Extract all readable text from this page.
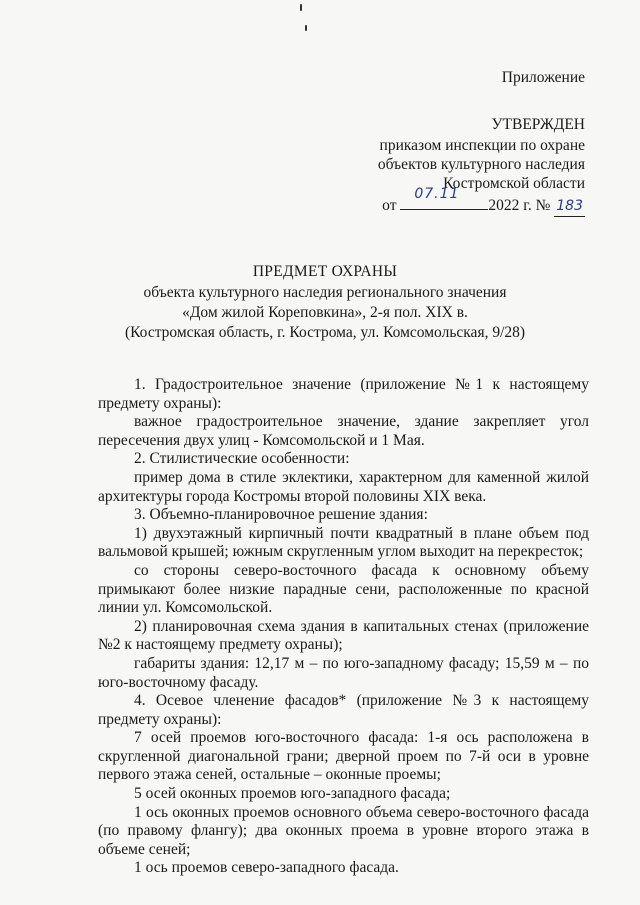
Приложение
УТВЕРЖДЕН
приказом инспекции по охране
объектов культурного наследия
Костромской области
от
07.11
2022 г. № 183
ПРЕДМЕТ ОХРАНЫ
объекта культурного наследия регионального значения
«Дом жилой Кореповкина», 2-я пол. XIX в.
(Костромская область, г. Кострома, ул. Комсомольская, 9/28)

1. Градостроительное значение (приложение №1 к настоящему предмету охраны):

важное градостроительное значение, здание закрепляет угол пересечения двух улиц - Комсомольской и 1 Мая.

2. Стилистические особенности:

пример дома в стиле эклектики, характерном для каменной жилой архитектуры города Костромы второй половины XIX века.

3. Объемно-планировочное решение здания:

1) двухэтажный кирпичный почти квадратный в плане объем под вальмовой крышей; южным скругленным углом выходит на перекресток;

со стороны северо-восточного фасада к основному объему примыкают более низкие парадные сени, расположенные по красной линии ул. Комсомольской.

2) планировочная схема здания в капитальных стенах (приложение №2 к настоящему предмету охраны);

габариты здания: 12,17 м – по юго-западному фасаду; 15,59 м – по юго-восточному фасаду.

4. Осевое членение фасадов* (приложение №3 к настоящему предмету охраны):

7 осей проемов юго-восточного фасада: 1-я ось расположена в скругленной диагональной грани; дверной проем по 7-й оси в уровне первого этажа сеней, остальные – оконные проемы;

5 осей оконных проемов юго-западного фасада;

1 ось оконных проемов основного объема северо-восточного фасада (по правому флангу); два оконных проема в уровне второго этажа в объеме сеней;

1 ось проемов северо-западного фасада.
